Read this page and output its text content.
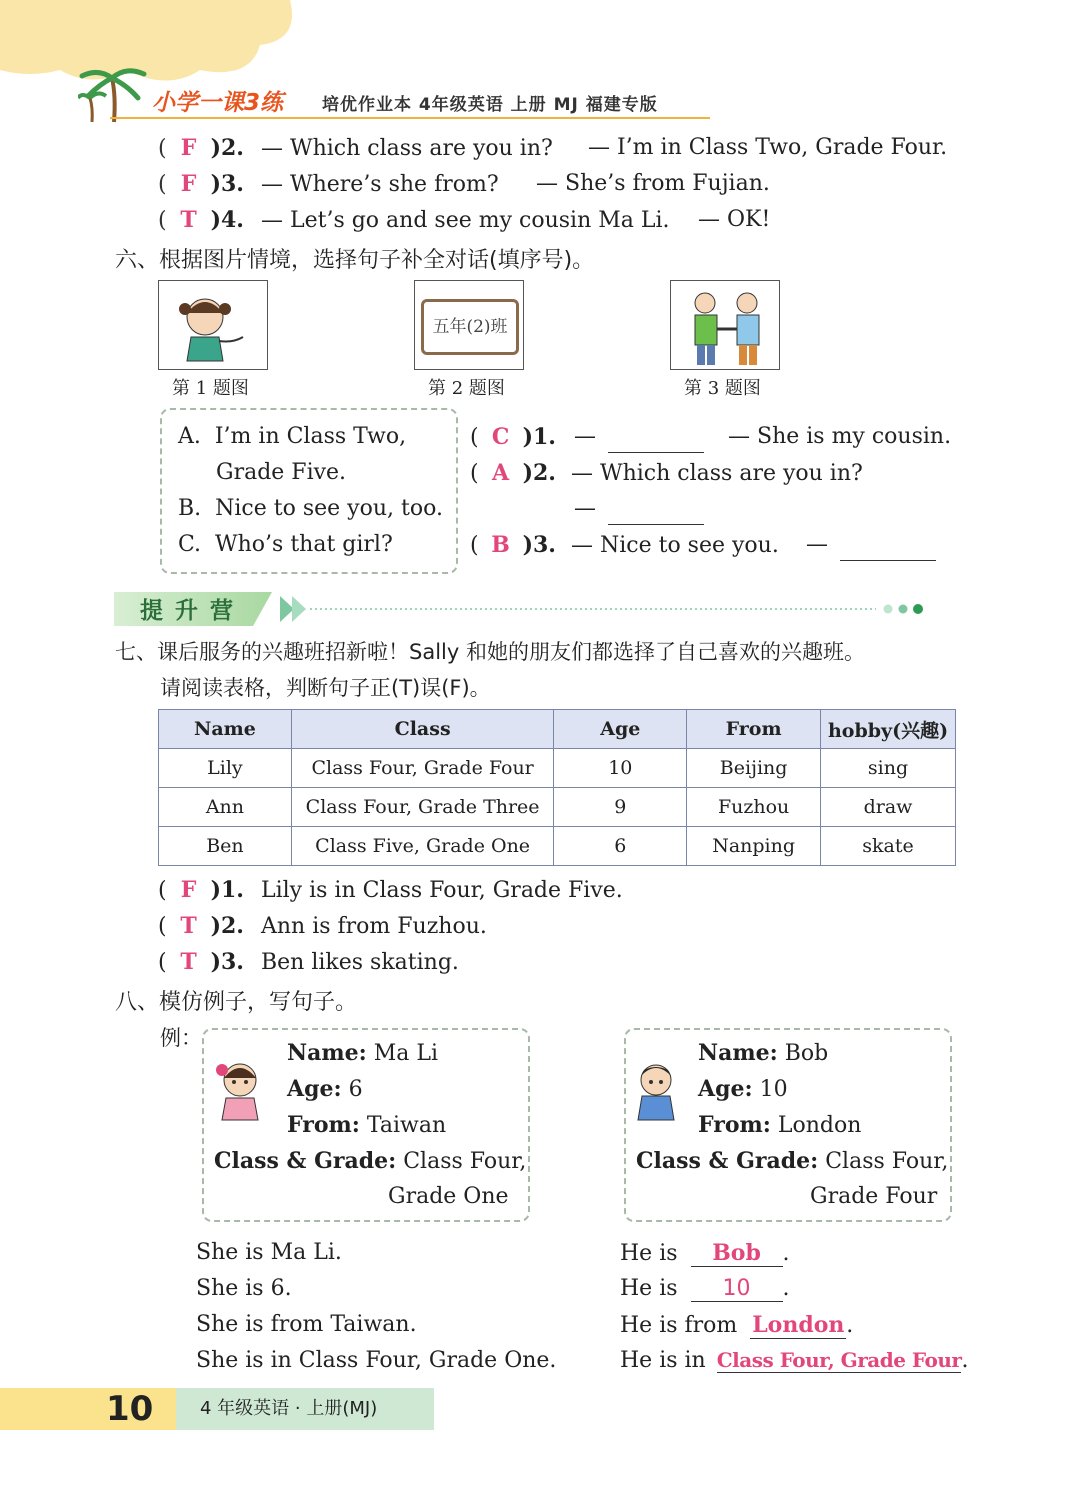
小学一课3练 培优作业本 4年级英语 上册 MJ 福建专版
( F )2. — Which class are you in? — I’m in Class Two, Grade Four.
( F )3. — Where’s she from? — She’s from Fujian.
( T )4. — Let’s go and see my cousin Ma Li. — OK!
六、根据图片情境，选择句子补全对话(填序号)。
五年(2)班
第 1 题图	第 2 题图	第 3 题图
A.  I’m in Class Two,
Grade Five.
B.  Nice to see you, too.
C.  Who’s that girl?
( C )1. —	— She is my cousin.
( A )2. — Which class are you in?
—
( B )3. — Nice to see you. —
提 升 营
七、课后服务的兴趣班招新啦！Sally 和她的朋友们都选择了自己喜欢的兴趣班。
请阅读表格，判断句子正(T)误(F)。
Name	Class	Age	From	hobby(兴趣)
Lily	Class Four, Grade Four	10	Beijing	sing
Ann	Class Four, Grade Three	9	Fuzhou	draw
Ben	Class Five, Grade One	6	Nanping	skate
( F )1. Lily is in Class Four, Grade Five.
( T )2. Ann is from Fuzhou.
( T )3. Ben likes skating.
八、模仿例子，写句子。
例：
Name: Ma Li
Age: 6
From: Taiwan
Class & Grade: Class Four,
Grade One
Name: Bob
Age: 10
From: London
Class & Grade: Class Four,
Grade Four
She is Ma Li.
She is 6.
She is from Taiwan.
She is in Class Four, Grade One.
He is Bob .
He is 10 .
He is from London.
He is in Class Four, Grade Four.
10	4 年级英语 · 上册(MJ)
